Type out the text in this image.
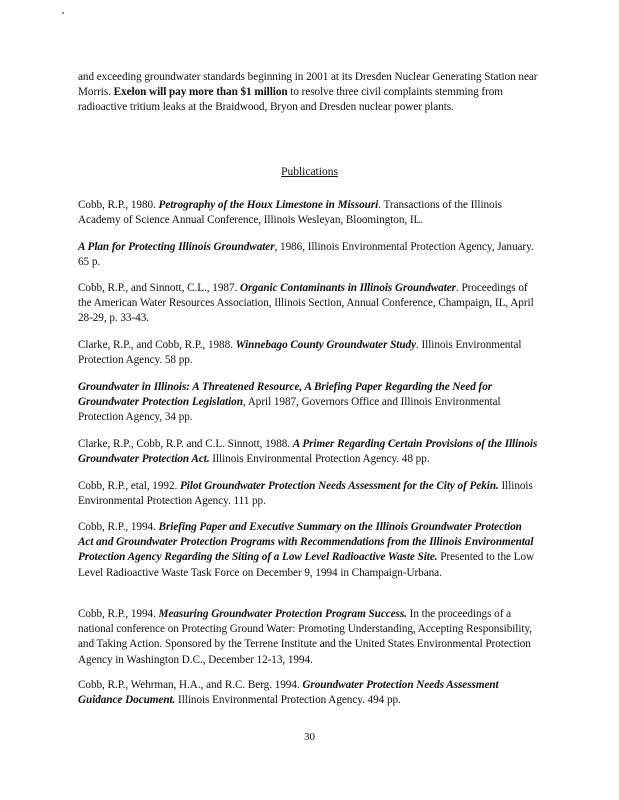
and exceeding groundwater standards beginning in 2001 at its Dresden Nuclear Generating Station near Morris. Exelon will pay more than $1 million to resolve three civil complaints stemming from radioactive tritium leaks at the Braidwood, Bryon and Dresden nuclear power plants.

Publications

Cobb, R.P., 1980. Petrography of the Houx Limestone in Missouri. Transactions of the Illinois Academy of Science Annual Conference, Illinois Wesleyan, Bloomington, IL.

A Plan for Protecting Illinois Groundwater, 1986, Illinois Environmental Protection Agency, January. 65 p.

Cobb, R.P., and Sinnott, C.L., 1987. Organic Contaminants in Illinois Groundwater. Proceedings of the American Water Resources Association, Illinois Section, Annual Conference, Champaign, IL, April 28-29, p. 33-43.

Clarke, R.P., and Cobb, R.P., 1988. Winnebago County Groundwater Study. Illinois Environmental Protection Agency. 58 pp.

Groundwater in Illinois: A Threatened Resource, A Briefing Paper Regarding the Need for Groundwater Protection Legislation, April 1987, Governors Office and Illinois Environmental Protection Agency, 34 pp.

Clarke, R.P., Cobb, R.P. and C.L. Sinnott, 1988. A Primer Regarding Certain Provisions of the Illinois Groundwater Protection Act. Illinois Environmental Protection Agency. 48 pp.

Cobb, R.P., etal, 1992. Pilot Groundwater Protection Needs Assessment for the City of Pekin. Illinois Environmental Protection Agency. 111 pp.

Cobb, R.P., 1994. Briefing Paper and Executive Summary on the Illinois Groundwater Protection Act and Groundwater Protection Programs with Recommendations from the Illinois Environmental Protection Agency Regarding the Siting of a Low Level Radioactive Waste Site. Presented to the Low Level Radioactive Waste Task Force on December 9, 1994 in Champaign-Urbana.

Cobb, R.P., 1994. Measuring Groundwater Protection Program Success. In the proceedings of a national conference on Protecting Ground Water: Promoting Understanding, Accepting Responsibility, and Taking Action. Sponsored by the Terrene Institute and the United States Environmental Protection Agency in Washington D.C., December 12-13, 1994.

Cobb, R.P., Wehrman, H.A., and R.C. Berg. 1994. Groundwater Protection Needs Assessment Guidance Document. Illinois Environmental Protection Agency. 494 pp.

30
